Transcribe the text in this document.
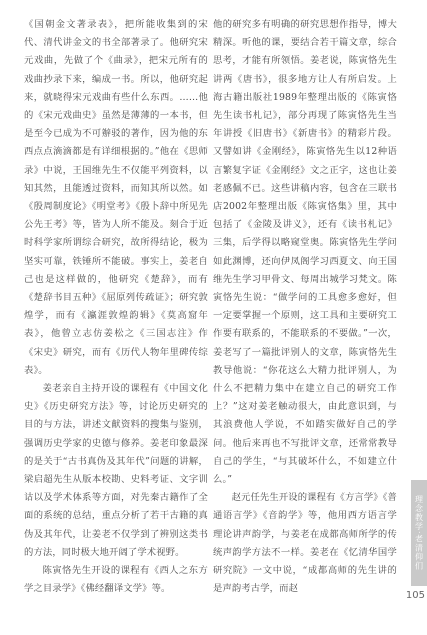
《国朝金文著录表》，把所能收集到的宋代、清代讲金文的书全部著录了。他研究宋元戏曲，先做了个《曲录》，把宋元所有的戏曲抄录下来，编成一书。所以，他研究起来，就晓得宋元戏曲有些什么东西。……他的《宋元戏曲史》虽然是薄薄的一本书，但是至今已成为不可辦驳的著作，因为他的东西点点滴滴都是有详细根据的。”他在《思师录》中说，王国维先生不仅能平列资料，以知其然，且能透过资料，而知其所以然。如《殷周制度论》《明堂考》《殷卜辞中所见先公先王考》等，皆为人所不能及。刻合于近时科学家所谓综合研究，故所得结论，极为坚实可靠，铁锤所不能破。事实上，姜老自己也是这样做的，他研究《楚辞》，而有《楚辞书目五种》《屈原列传疏证》；研究敦煌学，而有《瀛涯敦煌韵辑》《莫高窟年表》，他曾立志仿姜松之《三国志注》作《宋史》研究，而有《历代人物年里碑传综表》。

姜老亲自主持开设的课程有《中国文化史》《历史研究方法》等，讨论历史研究的目的与方法，讲述文献资料的搜集与鉴别，强调历史学家的史德与修养。姜老印象最深的是关于“古书真伪及其年代”问题的讲解，梁启超先生从版本校勘、史料考证、文字训诂以及学术体系等方面，对先秦古籍作了全面的系统的总结，重点分析了若干古籍的真伪及其年代，让姜老不仅学到了辨别这类书的方法，同时极大地开阔了学术视野。

陈寅恪先生开设的课程有《西人之东方学之目录学》《佛经翻译文学》等。

他的研究多有明确的研究思想作指导，博大精深。听他的课，要结合若干篇文章，综合思考，才能有所领悟。姜老说，陈寅恪先生讲两《唐书》，很多地方让人有所启发。上海古籍出版社1989年整理出版的《陈寅恪先生读书札记》，部分再现了陈寅恪先生当年讲授《旧唐书》《新唐书》的精彩片段。又譬如讲《金刚经》，陈寅恪先生以12种语言繁复字证《金刚经》文之正字，这也让姜老感佩不已。这些讲稿内容，包含在三联书店2002年整理出版《陈寅恪集》里，其中包括了《金陵及讲义》，还有《读书札记》三集，后学得以略窥堂奥。陈寅恪先生学问如此渊博，还向伊凤阁学习西夏文、向王国维先生学习甲骨文、每周出城学习梵文。陈寅恪先生说：“做学问的工具愈多愈好，但一定要掌握一个原则，这工具和主要研究工作要有联系的，不能联系的不要做。”一次，姜老写了一篇批评别人的文章，陈寅恪先生教导他说：“你花这么大精力批评别人，为什么不把精力集中在建立自己的研究工作上？”这对姜老触动很大，由此意识到，与其浪费他人学说，不如踏实做好自己的学问。他后来再也不写批评文章，还常常教导自己的学生，“与其破坏什么，不如建立什么。”

赵元任先生开设的课程有《方言学》《普通语言学》《音韵学》等，他用西方语言学理论讲声韵学，与姜老在成都高师所学的传统声韵学方法不一样。姜老在《忆清华国学研究院》一文中说，“成都高师的先生讲的是声韵考古学，而赵

理念教学·老清仰们
105
